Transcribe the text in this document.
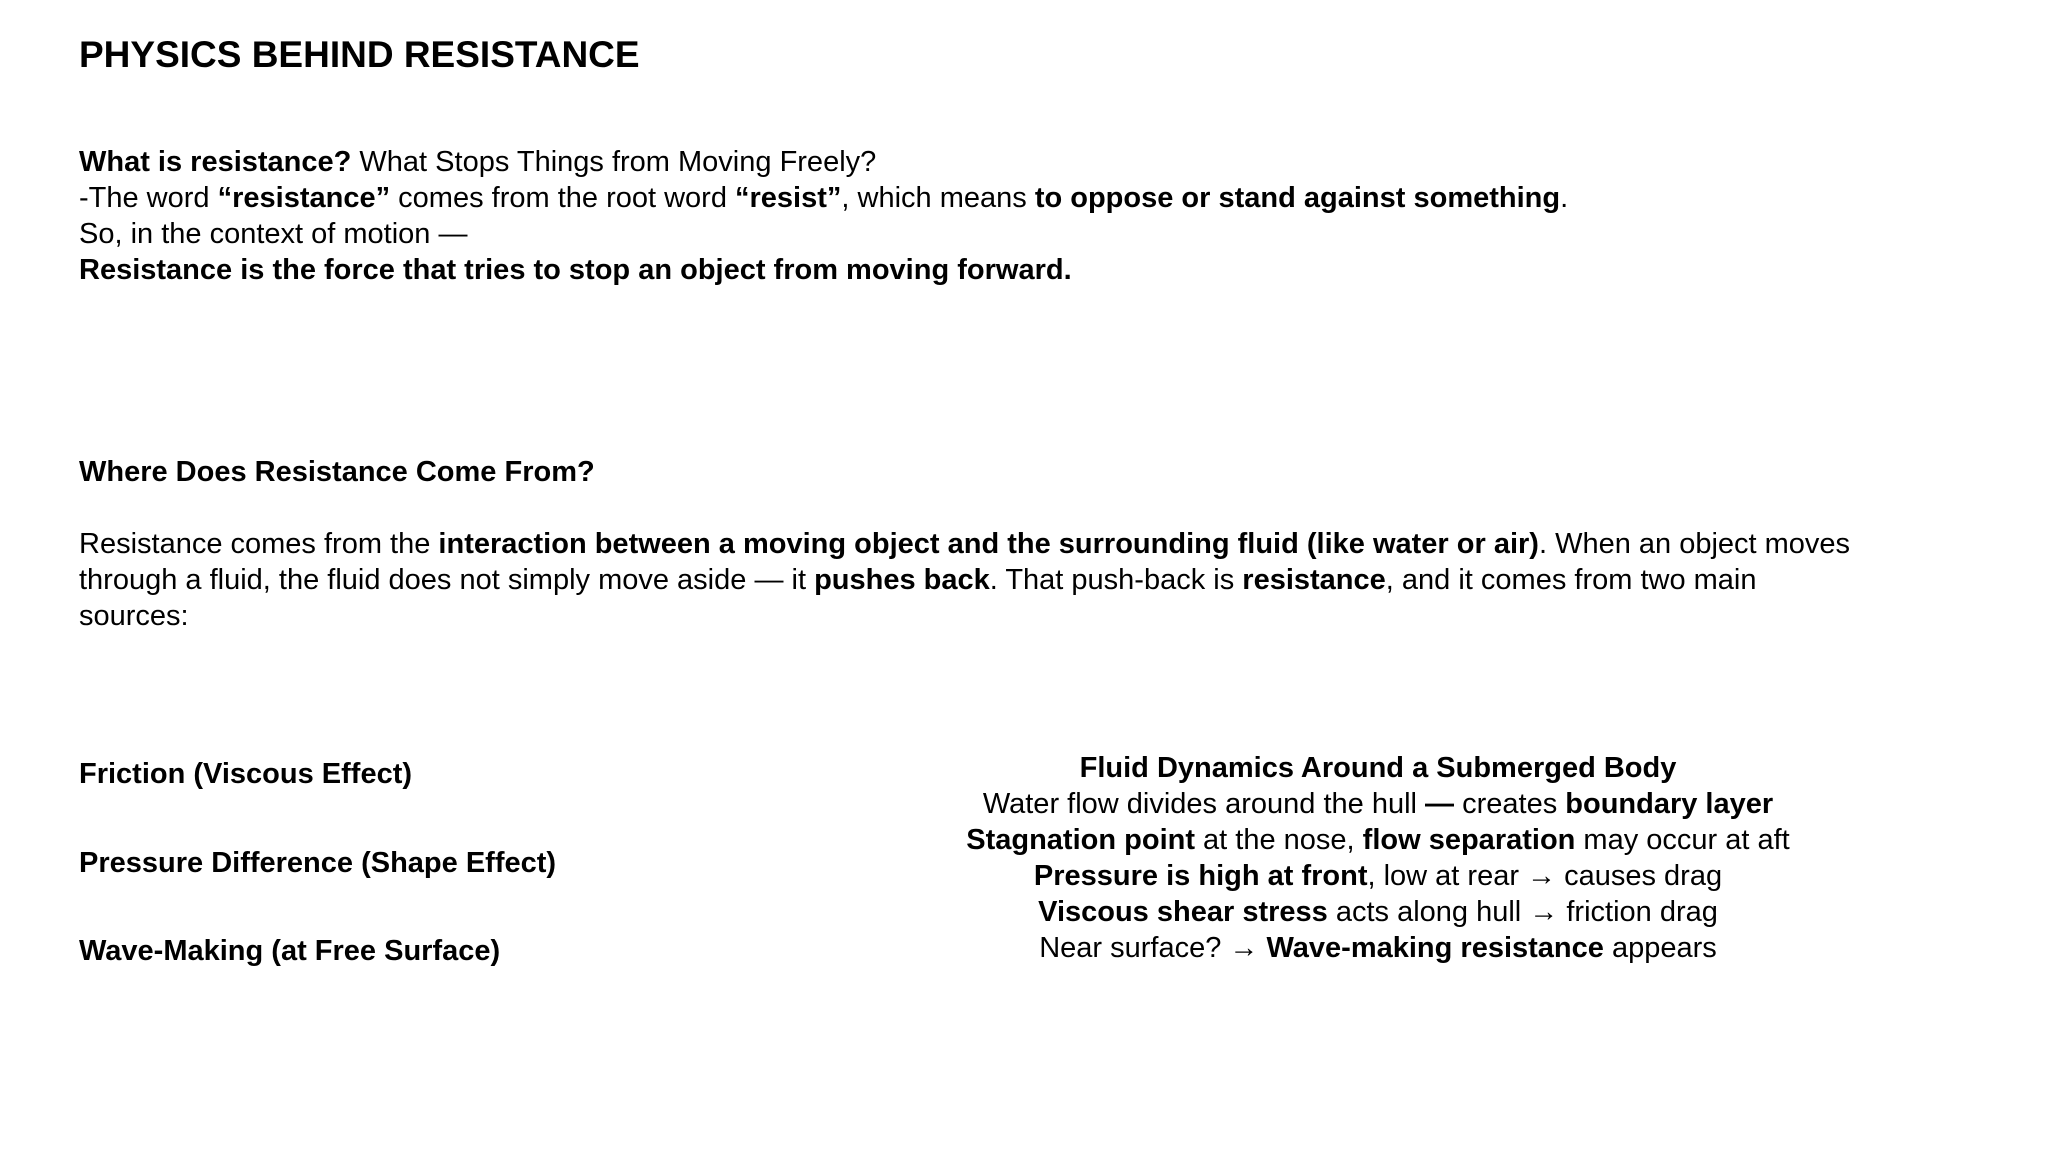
PHYSICS BEHIND RESISTANCE
What is resistance? What Stops Things from Moving Freely?
-The word “resistance” comes from the root word “resist”, which means to oppose or stand against something.
So, in the context of motion —
Resistance is the force that tries to stop an object from moving forward.
Where Does Resistance Come From?
Resistance comes from the interaction between a moving object and the surrounding fluid (like water or air). When an object moves through a fluid, the fluid does not simply move aside — it pushes back. That push-back is resistance, and it comes from two main sources:
Friction (Viscous Effect)
Pressure Difference (Shape Effect)
Wave-Making (at Free Surface)
Fluid Dynamics Around a Submerged Body
Water flow divides around the hull — creates boundary layer
Stagnation point at the nose, flow separation may occur at aft
Pressure is high at front, low at rear → causes drag
Viscous shear stress acts along hull → friction drag
Near surface? → Wave-making resistance appears
